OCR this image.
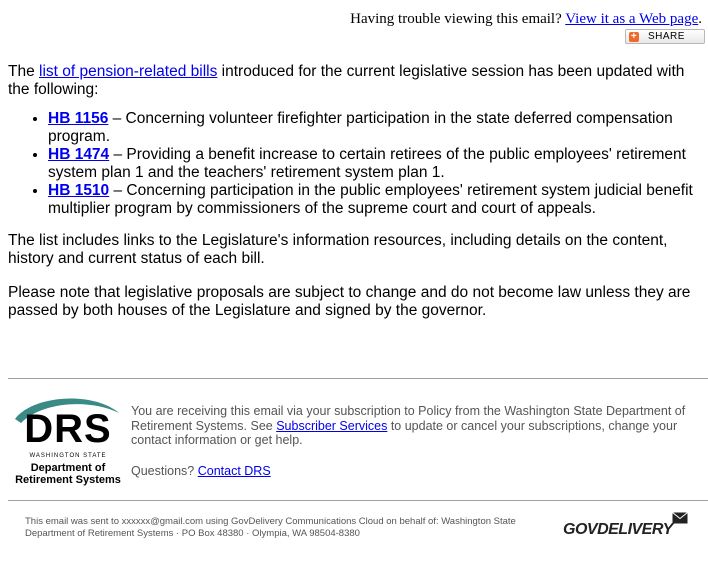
Having trouble viewing this email? View it as a Web page.
+ SHARE

The list of pension-related bills introduced for the current legislative session has been updated with the following:

• HB 1156 – Concerning volunteer firefighter participation in the state deferred compensation program.
• HB 1474 – Providing a benefit increase to certain retirees of the public employees' retirement system plan 1 and the teachers' retirement system plan 1.
• HB 1510 – Concerning participation in the public employees' retirement system judicial benefit multiplier program by commissioners of the supreme court and court of appeals.

The list includes links to the Legislature's information resources, including details on the content, history and current status of each bill.

Please note that legislative proposals are subject to change and do not become law unless they are passed by both houses of the Legislature and signed by the governor.

DRS
WASHINGTON STATE
Department of
Retirement Systems
You are receiving this email via your subscription to Policy from the Washington State Department of Retirement Systems. See Subscriber Services to update or cancel your subscriptions, change your contact information or get help.
Questions? Contact DRS
This email was sent to xxxxxx@gmail.com using GovDelivery Communications Cloud on behalf of: Washington State Department of Retirement Systems · PO Box 48380 · Olympia, WA 98504-8380	GOVDELIVERY
